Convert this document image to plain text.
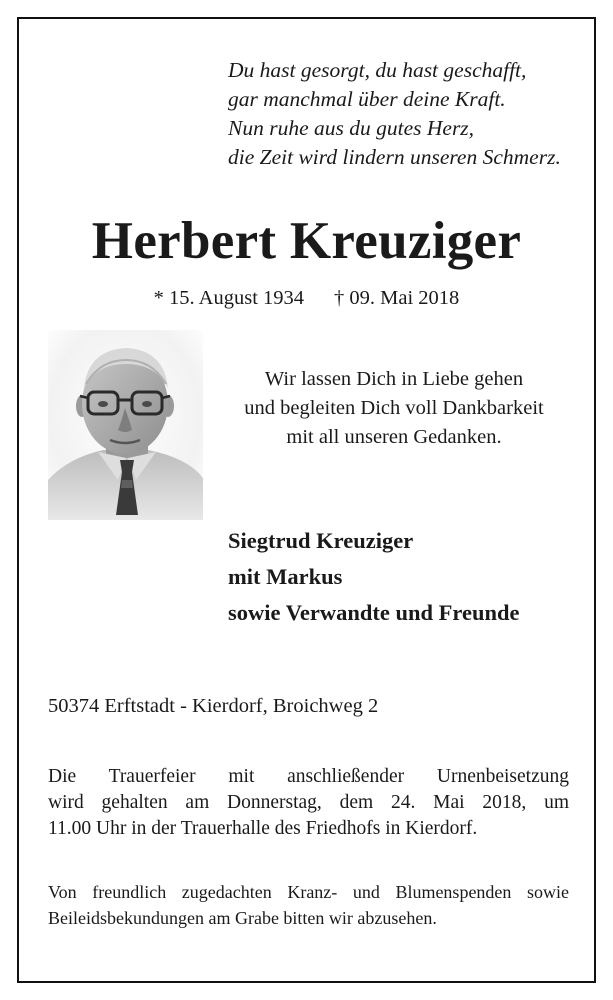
Du hast gesorgt, du hast geschafft,
gar manchmal über deine Kraft.
Nun ruhe aus du gutes Herz,
die Zeit wird lindern unseren Schmerz.
Herbert Kreuziger
* 15. August 1934 † 09. Mai 2018
Wir lassen Dich in Liebe gehen
und begleiten Dich voll Dankbarkeit
mit all unseren Gedanken.
Siegtrud Kreuziger
mit Markus
sowie Verwandte und Freunde
50374 Erftstadt - Kierdorf, Broichweg 2
Die Trauerfeier mit anschließender Urnenbeisetzung
wird gehalten am Donnerstag, dem 24. Mai 2018, um
11.00 Uhr in der Trauerhalle des Friedhofs in Kierdorf.
Von freundlich zugedachten Kranz- und Blumenspenden sowie
Beileidsbekundungen am Grabe bitten wir abzusehen.
